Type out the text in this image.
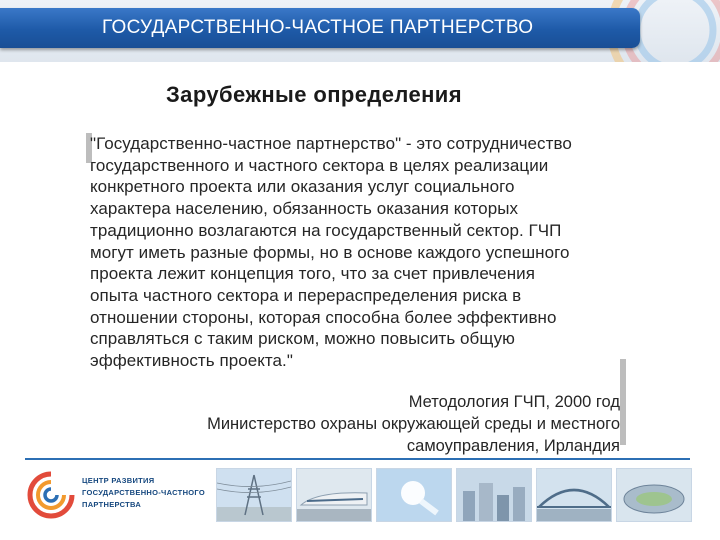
ГОСУДАРСТВЕННО-ЧАСТНОЕ ПАРТНЕРСТВО
Зарубежные определения
"Государственно-частное партнерство" - это сотрудничество
государственного и частного сектора в целях реализации
конкретного проекта или оказания услуг социального
характера населению, обязанность оказания которых
традиционно возлагаются на государственный сектор. ГЧП
могут иметь разные формы, но в основе каждого успешного
проекта лежит концепция того, что за счет привлечения
опыта частного сектора и перераспределения риска в
отношении стороны, которая способна более эффективно
справляться с таким риском, можно повысить общую
эффективность проекта."
Методология ГЧП, 2000 год
Министерство охраны окружающей среды и местного
самоуправления, Ирландия
ЦЕНТР РАЗВИТИЯ
ГОСУДАРСТВЕННО-ЧАСТНОГО
ПАРТНЕРСТВА
